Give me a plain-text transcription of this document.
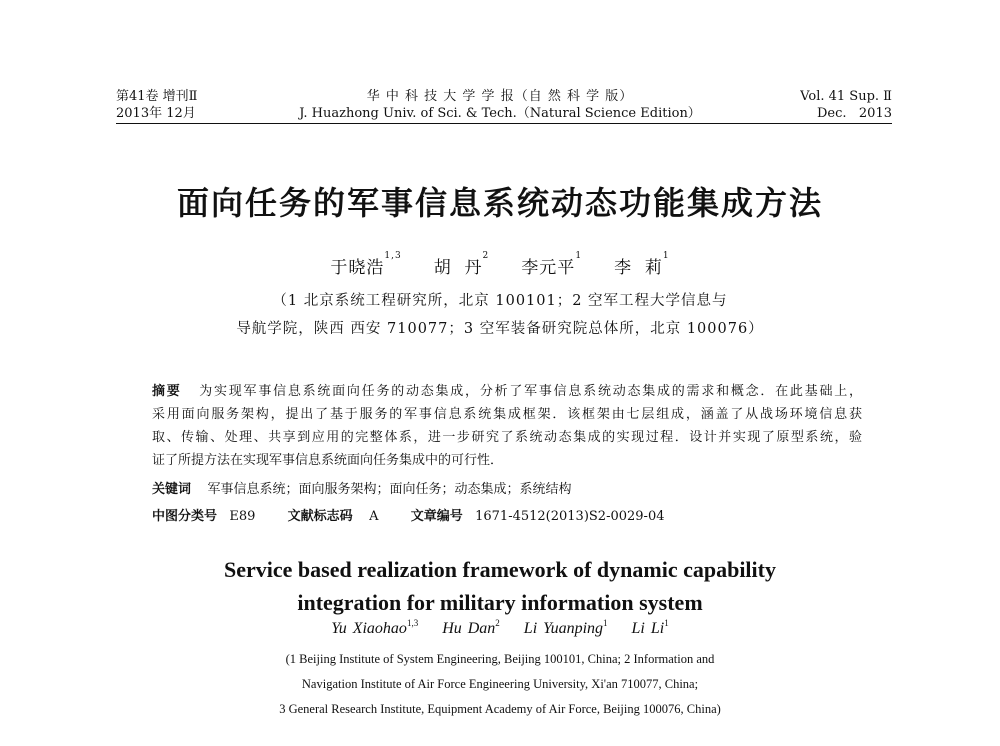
第41卷 增刊Ⅱ
2013年 12月
华 中 科 技 大 学 学 报（自 然 科 学 版）
J. Huazhong Univ. of Sci. & Tech.（Natural Science Edition）
Vol. 41 Sup. Ⅱ
Dec.   2013
面向任务的军事信息系统动态功能集成方法
于晓浩$^{1,3}$     胡  丹$^2$     李元平$^1$     李  莉$^1$
（1 北京系统工程研究所，北京 100101；2 空军工程大学信息与
导航学院，陕西 西安 710077；3 空军装备研究院总体所，北京 100076）
摘要 为实现军事信息系统面向任务的动态集成，分析了军事信息系统动态集成的需求和概念．在此基础上，
采用面向服务架构，提出了基于服务的军事信息系统集成框架．该框架由七层组成，涵盖了从战场环境信息获
取、传输、处理、共享到应用的完整体系，进一步研究了系统动态集成的实现过程．设计并实现了原型系统，验
证了所提方法在实现军事信息系统面向任务集成中的可行性．
关键词 军事信息系统；面向服务架构；面向任务；动态集成；系统结构
中图分类号 E89 文献标志码 A 文章编号 1671-4512(2013)S2-0029-04
Service based realization framework of dynamic capability
integration for military information system
Yu Xiaohao$^{1,3}$ Hu Dan$^2$ Li Yuanping$^1$ Li Li$^1$
(1 Beijing Institute of System Engineering, Beijing 100101, China; 2 Information and
Navigation Institute of Air Force Engineering University, Xi'an 710077, China;
3 General Research Institute, Equipment Academy of Air Force, Beijing 100076, China)
